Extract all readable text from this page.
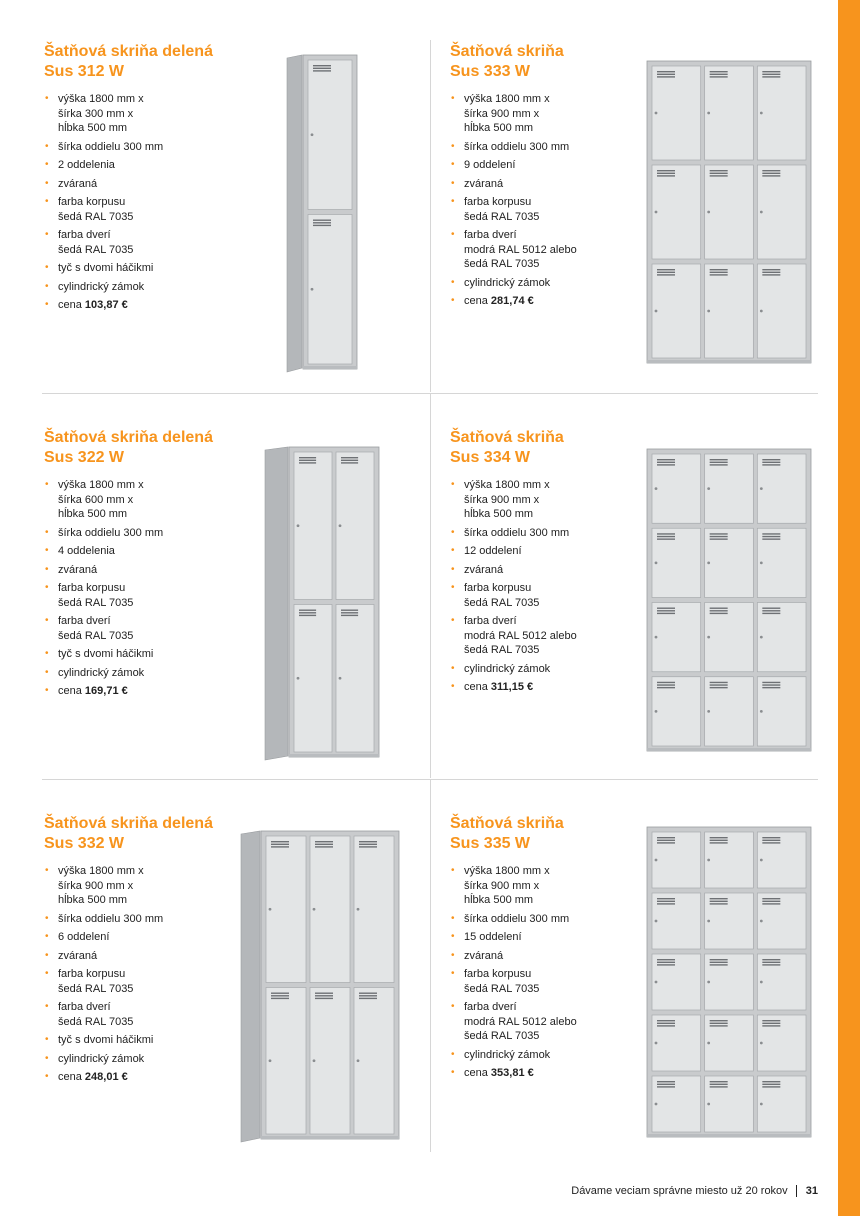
Šatňová skriňa delená
Sus 312 W
• výška 1800 mm x
šírka 300 mm x
hĺbka 500 mm
• šírka oddielu 300 mm
• 2 oddelenia
• zváraná
• farba korpusu
šedá RAL 7035
• farba dverí
šedá RAL 7035
• tyč s dvomi háčikmi
• cylindrický zámok
• cena 103,87 €
Šatňová skriňa
Sus 333 W
• výška 1800 mm x
šírka 900 mm x
hĺbka 500 mm
• šírka oddielu 300 mm
• 9 oddelení
• zváraná
• farba korpusu
šedá RAL 7035
• farba dverí
modrá RAL 5012 alebo
šedá RAL 7035
• cylindrický zámok
• cena 281,74 €
Šatňová skriňa delená
Sus 322 W
• výška 1800 mm x
šírka 600 mm x
hĺbka 500 mm
• šírka oddielu 300 mm
• 4 oddelenia
• zváraná
• farba korpusu
šedá RAL 7035
• farba dverí
šedá RAL 7035
• tyč s dvomi háčikmi
• cylindrický zámok
• cena 169,71 €
Šatňová skriňa
Sus 334 W
• výška 1800 mm x
šírka 900 mm x
hĺbka 500 mm
• šírka oddielu 300 mm
• 12 oddelení
• zváraná
• farba korpusu
šedá RAL 7035
• farba dverí
modrá RAL 5012 alebo
šedá RAL 7035
• cylindrický zámok
• cena 311,15 €
Šatňová skriňa delená
Sus 332 W
• výška 1800 mm x
šírka 900 mm x
hĺbka 500 mm
• šírka oddielu 300 mm
• 6 oddelení
• zváraná
• farba korpusu
šedá RAL 7035
• farba dverí
šedá RAL 7035
• tyč s dvomi háčikmi
• cylindrický zámok
• cena 248,01 €
Šatňová skriňa
Sus 335 W
• výška 1800 mm x
šírka 900 mm x
hĺbka 500 mm
• šírka oddielu 300 mm
• 15 oddelení
• zváraná
• farba korpusu
šedá RAL 7035
• farba dverí
modrá RAL 5012 alebo
šedá RAL 7035
• cylindrický zámok
• cena 353,81 €
Dávame veciam správne miesto už 20 rokov 31
